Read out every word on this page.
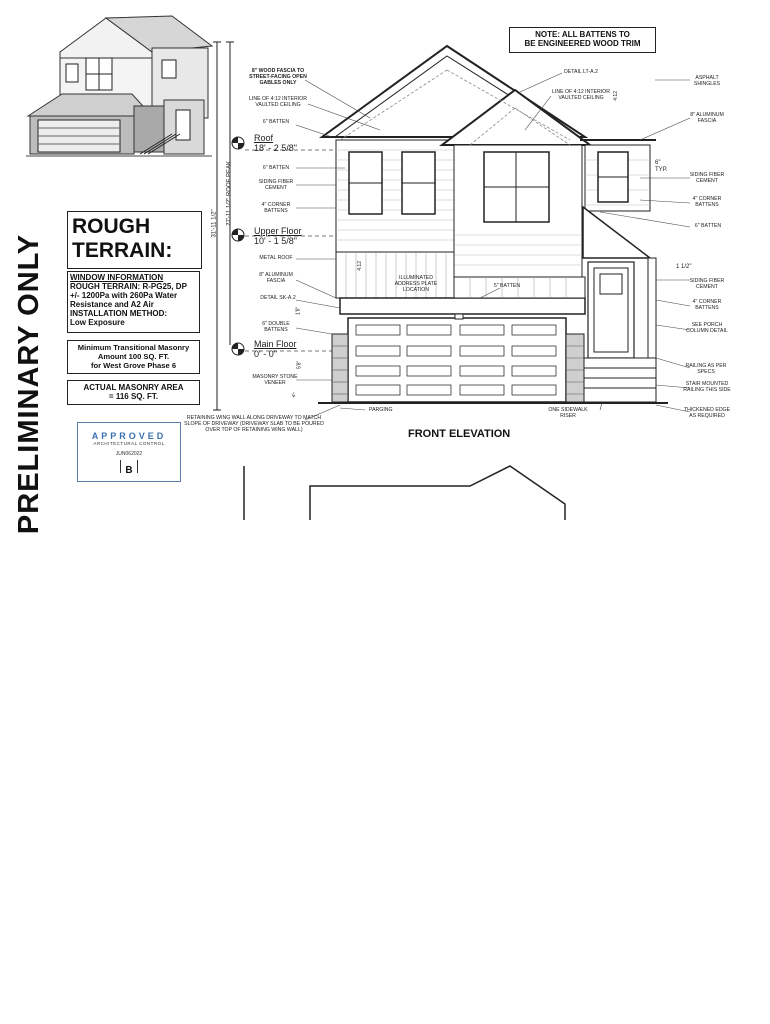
PRELIMINARY ONLY
ROUGH
TERRAIN:
WINDOW INFORMATION
ROUGH TERRAIN: R-PG25, DP
+/- 1200Pa with 260Pa Water
Resistance and A2 Air
INSTALLATION METHOD:
Low Exposure
Minimum Transitional Masonry
Amount 100 SQ. FT.
for West Grove Phase 6
ACTUAL MASONRY AREA
= 116 SQ. FT.
APPROVED
ARCHITECTURAL CONTROL
JUN062022
B
NOTE: ALL BATTENS TO
BE ENGINEERED WOOD TRIM
Roof
18' - 2 5/8"
Upper Floor
10' - 1 5/8"
Main Floor
0' - 0"
31'-11 1/2" 27'-11 1/2" ROOF PEAK
4:12
4:12
6" TYP.
1 1/2"
1'8"
5'8"
4"
8" WOOD FASCIA TO STREET-FACING OPEN GABLES ONLY
LINE OF 4:12 INTERIOR VAULTED CEILING
6" BATTEN
6" BATTEN
SIDING FIBER CEMENT
4" CORNER BATTENS
METAL ROOF
8" ALUMINUM FASCIA
DETAIL SK-A.2
6" DOUBLE BATTENS
MASONRY STONE VENEER
PARGING
DETAIL LT-A.2
LINE OF 4:12 INTERIOR VAULTED CEILING
ILLUMINATED ADDRESS PLATE LOCATION
5" BATTEN
ONE SIDEWALK RISER
ASPHALT SHINGLES
8" ALUMINUM FASCIA
SIDING FIBER CEMENT
4" CORNER BATTENS
6" BATTEN
SIDING FIBER CEMENT
4" CORNER BATTENS
SEE PORCH COLUMN DETAIL
RAILING AS PER SPECS
STAIR MOUNTED RAILING THIS SIDE
THICKENED EDGE AS REQUIRED
RETAINING WING WALL ALONG DRIVEWAY TO MATCH SLOPE OF DRIVEWAY (DRIVEWAY SLAB TO BE POURED OVER TOP OF RETAINING WING WALL)	FRONT ELEVATION
